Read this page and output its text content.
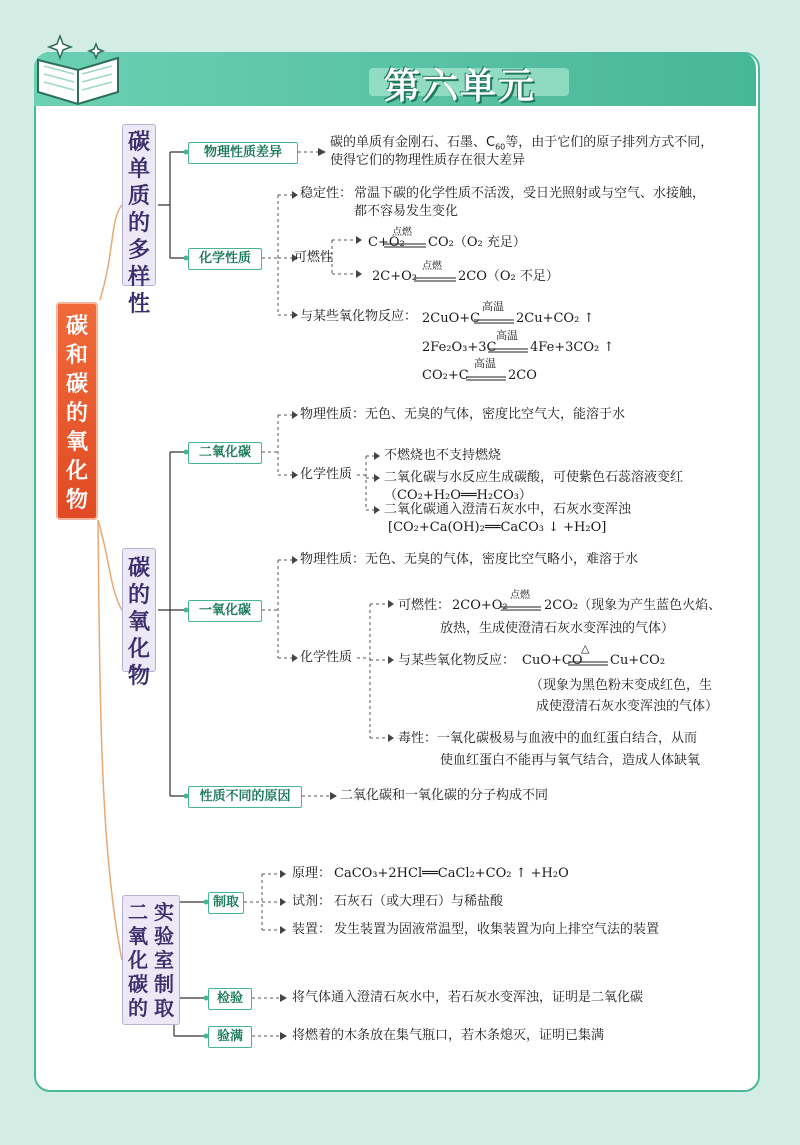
第六单元
碳和碳的氧化物
碳单质的多样性
物理性质差异
碳的单质有金刚石、石墨、$C_{60}$等，由于它们的原子排列方式不同，
使得它们的物理性质存在很大差异
化学性质
稳定性： 常温下碳的化学性质不活泼，受日光照射或与空气、水接触，
都不容易发生变化
可燃性
C+O₂
点燃
CO₂（O₂ 充足）
2C+O₂
点燃
2CO（O₂ 不足）
与某些氧化物反应： 2CuO+C
高温
2Cu+CO₂ ↑
2Fe₂O₃+3C
高温
4Fe+3CO₂ ↑
CO₂+C
高温
2CO
碳的氧化物
二氧化碳
物理性质：无色、无臭的气体，密度比空气大，能溶于水
化学性质
不燃烧也不支持燃烧
二氧化碳与水反应生成碳酸，可使紫色石蕊溶液变红
（CO₂+H₂O══H₂CO₃）
二氧化碳通入澄清石灰水中，石灰水变浑浊
[CO₂+Ca(OH)₂══CaCO₃ ↓ +H₂O]
一氧化碳
物理性质：无色、无臭的气体，密度比空气略小，难溶于水
化学性质
可燃性： 2CO+O₂
点燃
2CO₂（现象为产生蓝色火焰、
放热，生成使澄清石灰水变浑浊的气体）
与某些氧化物反应： CuO+CO
△
Cu+CO₂
（现象为黑色粉末变成红色，生
成使澄清石灰水变浑浊的气体）
毒性：一氧化碳极易与血液中的血红蛋白结合，从而
使血红蛋白不能再与氧气结合，造成人体缺氧
性质不同的原因	二氧化碳和一氧化碳的分子构成不同
实验室制取
二氧化碳的
制取
原理： CaCO₃+2HCl══CaCl₂+CO₂ ↑ +H₂O
试剂： 石灰石（或大理石）与稀盐酸
装置： 发生装置为固液常温型，收集装置为向上排空气法的装置
检验	将气体通入澄清石灰水中，若石灰水变浑浊，证明是二氧化碳
验满	将燃着的木条放在集气瓶口，若木条熄灭，证明已集满
